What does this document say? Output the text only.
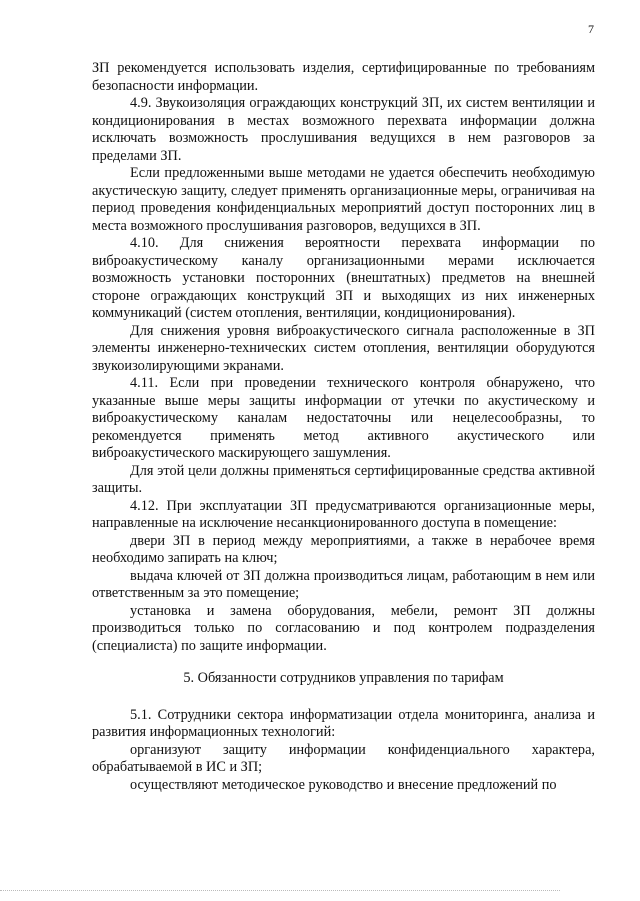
7

ЗП рекомендуется использовать изделия, сертифицированные по требованиям безопасности информации.

4.9. Звукоизоляция ограждающих конструкций ЗП, их систем вентиляции и кондиционирования в местах возможного перехвата информации должна исключать возможность прослушивания ведущихся в нем разговоров за пределами ЗП.

Если предложенными выше методами не удается обеспечить необходимую акустическую защиту, следует применять организационные меры, ограничивая на период проведения конфиденциальных мероприятий доступ посторонних лиц в места возможного прослушивания разговоров, ведущихся в ЗП.

4.10. Для снижения вероятности перехвата информации по виброакустическому каналу организационными мерами исключается возможность установки посторонних (внештатных) предметов на внешней стороне ограждающих конструкций ЗП и выходящих из них инженерных коммуникаций (систем отопления, вентиляции, кондиционирования).

Для снижения уровня виброакустического сигнала расположенные в ЗП элементы инженерно-технических систем отопления, вентиляции оборудуются звукоизолирующими экранами.

4.11. Если при проведении технического контроля обнаружено, что указанные выше меры защиты информации от утечки по акустическому и виброакустическому каналам недостаточны или нецелесообразны, то рекомендуется применять метод активного акустического или виброакустического маскирующего зашумления.

Для этой цели должны применяться сертифицированные средства активной защиты.

4.12. При эксплуатации ЗП предусматриваются организационные меры, направленные на исключение несанкционированного доступа в помещение:

двери ЗП в период между мероприятиями, а также в нерабочее время необходимо запирать на ключ;

выдача ключей от ЗП должна производиться лицам, работающим в нем или ответственным за это помещение;

установка и замена оборудования, мебели, ремонт ЗП должны производиться только по согласованию и под контролем подразделения (специалиста) по защите информации.

5. Обязанности сотрудников управления по тарифам

5.1. Сотрудники сектора информатизации отдела мониторинга, анализа и развития информационных технологий:

организуют защиту информации конфиденциального характера, обрабатываемой в ИС и ЗП;

осуществляют методическое руководство и внесение предложений по
